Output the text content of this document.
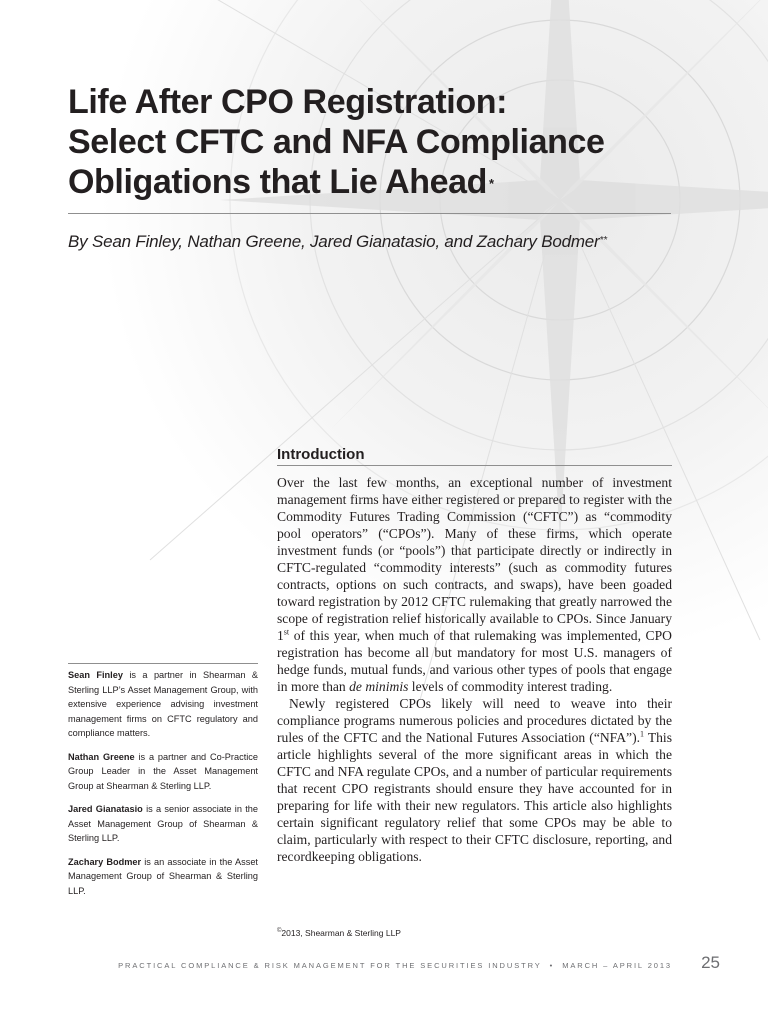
Life After CPO Registration:
Select CFTC and NFA Compliance
Obligations that Lie Ahead *
By Sean Finley, Nathan Greene, Jared Gianatasio, and Zachary Bodmer**
Introduction

Over the last few months, an exceptional number of investment management firms have either registered or prepared to register with the Commodity Futures Trading Commission (“CFTC”) as “commodity pool operators” (“CPOs”). Many of these firms, which operate investment funds (or “pools”) that participate directly or indirectly in CFTC-regulated “commodity interests” (such as commodity futures contracts, options on such contracts, and swaps), have been goaded toward registration by 2012 CFTC rulemaking that greatly narrowed the scope of registration relief historically available to CPOs. Since January 1st of this year, when much of that rulemaking was implemented, CPO registration has become all but mandatory for most U.S. managers of hedge funds, mutual funds, and various other types of pools that engage in more than de minimis levels of commodity interest trading.

Newly registered CPOs likely will need to weave into their compliance programs numerous policies and procedures dictated by the rules of the CFTC and the National Futures Association (“NFA”).$^1$ This article highlights several of the more significant areas in which the CFTC and NFA regulate CPOs, and a number of particular requirements that recent CPO registrants should ensure they have accounted for in preparing for life with their new regulators. This article also highlights certain significant regulatory relief that some CPOs may be able to claim, particularly with respect to their CFTC disclosure, reporting, and recordkeeping obligations.

Sean Finley is a partner in Shearman & Sterling LLP’s Asset Management Group, with extensive experience advising investment management firms on CFTC regulatory and compliance matters.

Nathan Greene is a partner and Co-Practice Group Leader in the Asset Management Group at Shearman & Sterling LLP.

Jared Gianatasio is a senior associate in the Asset Management Group of Shearman & Sterling LLP.

Zachary Bodmer is an associate in the Asset Management Group of Shearman & Sterling LLP.

©2013, Shearman & Sterling LLP
PRACTICAL COMPLIANCE & RISK MANAGEMENT FOR THE SECURITIES INDUSTRY • MARCH – APRIL 2013 25
